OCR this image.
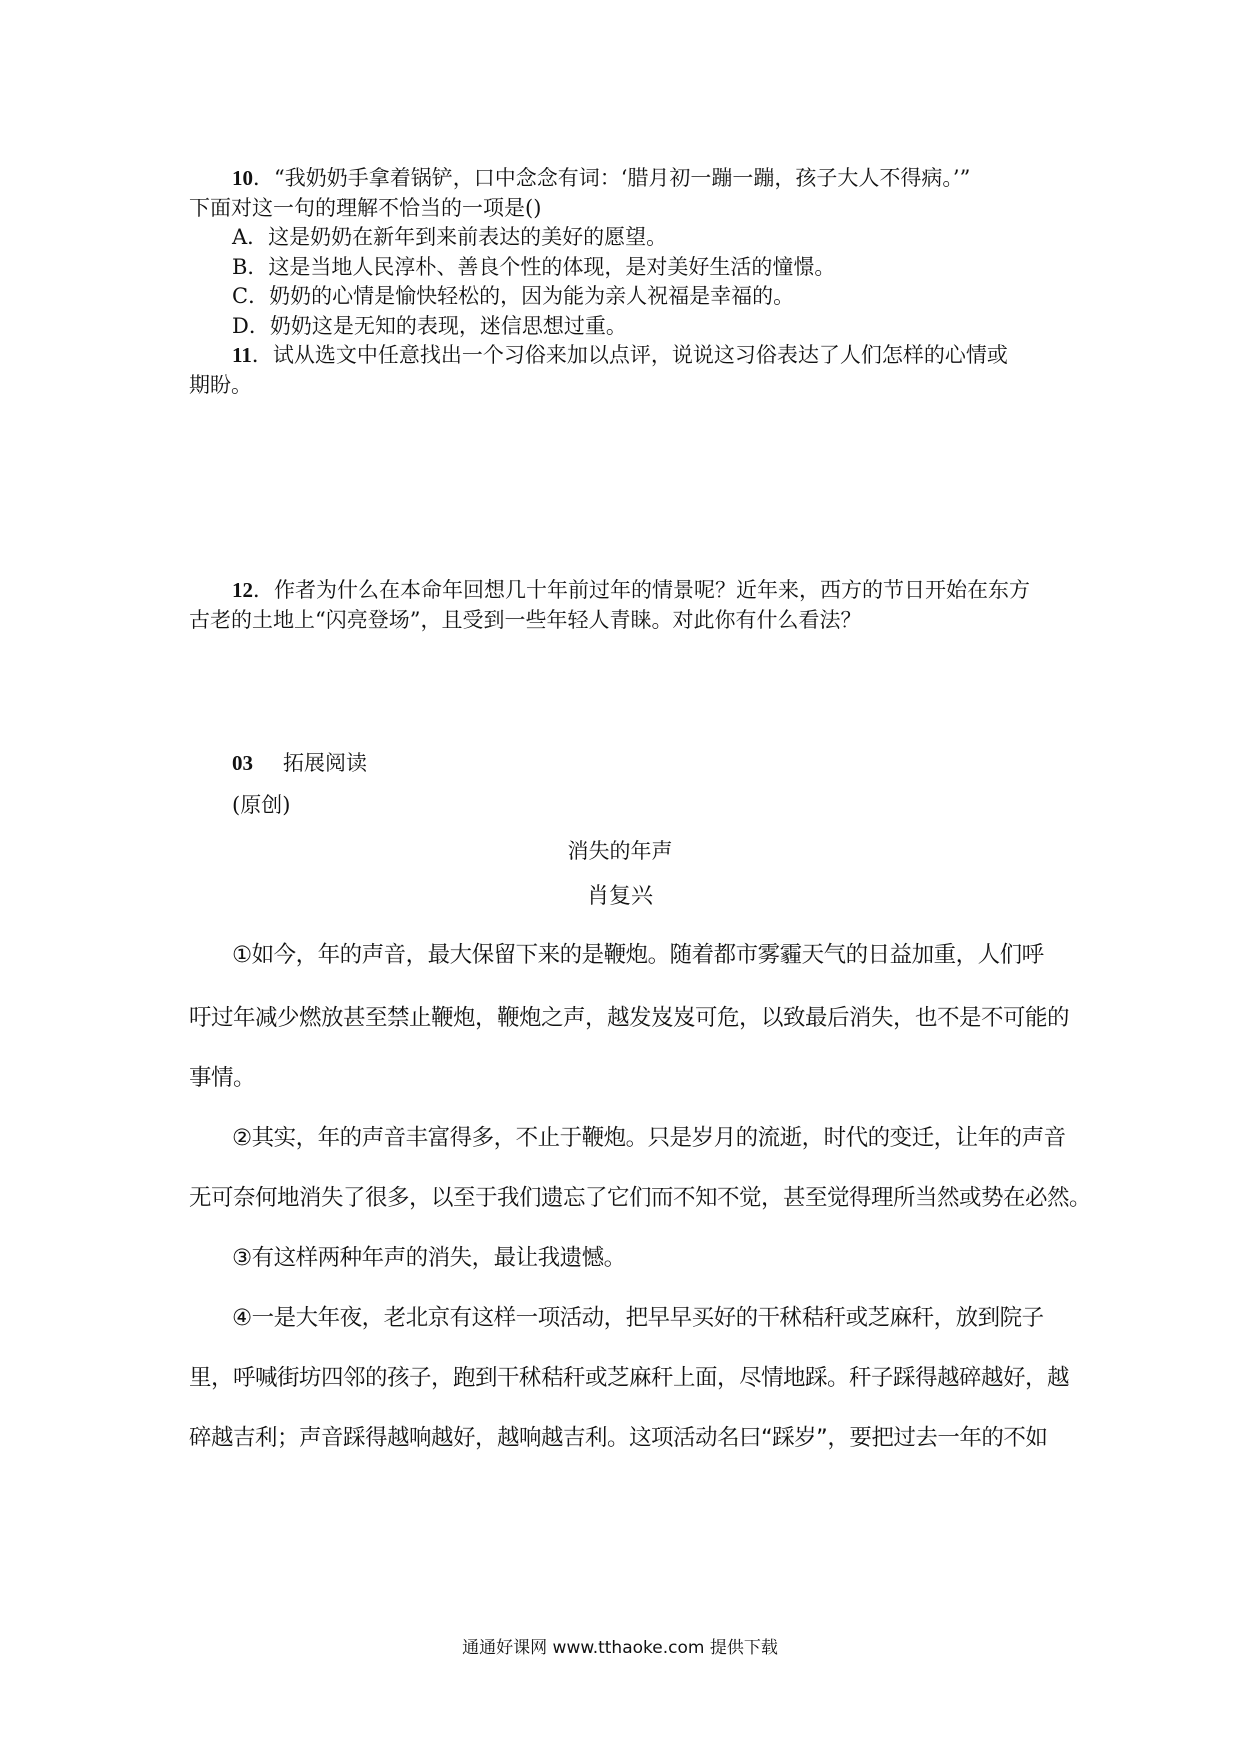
10．“我奶奶手拿着锅铲，口中念念有词：‘腊月初一蹦一蹦，孩子大人不得病。’”
下面对这一句的理解不恰当的一项是()
A．这是奶奶在新年到来前表达的美好的愿望。
B．这是当地人民淳朴、善良个性的体现，是对美好生活的憧憬。
C．奶奶的心情是愉快轻松的，因为能为亲人祝福是幸福的。
D．奶奶这是无知的表现，迷信思想过重。
11．试从选文中任意找出一个习俗来加以点评，说说这习俗表达了人们怎样的心情或
期盼。
12．作者为什么在本命年回想几十年前过年的情景呢？近年来，西方的节日开始在东方
古老的土地上“闪亮登场”，且受到一些年轻人青睐。对此你有什么看法？
03 拓展阅读
(原创)
消失的年声
肖复兴
①如今，年的声音，最大保留下来的是鞭炮。随着都市雾霾天气的日益加重，人们呼
吁过年减少燃放甚至禁止鞭炮，鞭炮之声，越发岌岌可危，以致最后消失，也不是不可能的
事情。
②其实，年的声音丰富得多，不止于鞭炮。只是岁月的流逝，时代的变迁，让年的声音
无可奈何地消失了很多，以至于我们遗忘了它们而不知不觉，甚至觉得理所当然或势在必然。
③有这样两种年声的消失，最让我遗憾。
④一是大年夜，老北京有这样一项活动，把早早买好的干秫秸秆或芝麻秆，放到院子
里，呼喊街坊四邻的孩子，跑到干秫秸秆或芝麻秆上面，尽情地踩。秆子踩得越碎越好，越
碎越吉利；声音踩得越响越好，越响越吉利。这项活动名曰“踩岁”，要把过去一年的不如
通通好课网 www.tthaoke.com 提供下载
